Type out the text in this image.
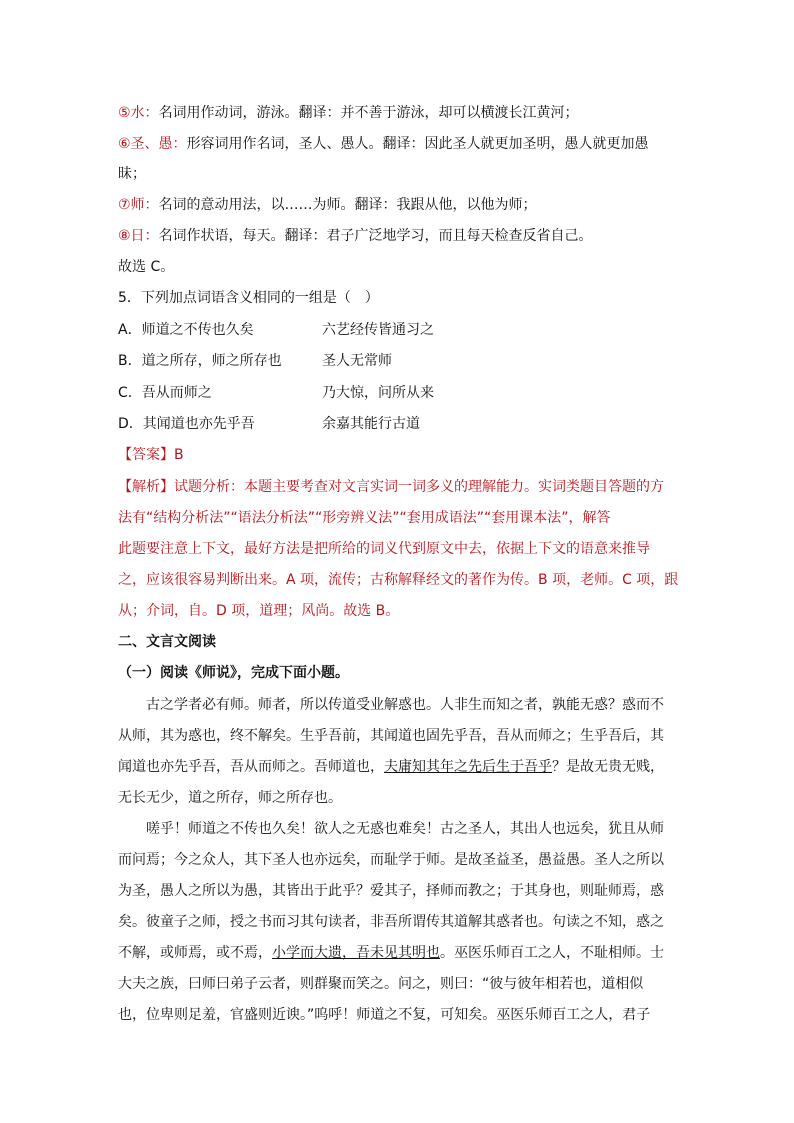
⑤水：名词用作动词，游泳。翻译：并不善于游泳，却可以横渡长江黄河；
⑥圣、愚：形容词用作名词，圣人、愚人。翻译：因此圣人就更加圣明，愚人就更加愚
昧；
⑦师：名词的意动用法，以……为师。翻译：我跟从他，以他为师；
⑧日：名词作状语，每天。翻译：君子广泛地学习，而且每天检查反省自己。
故选 C。
5．下列加点词语含义相同的一组是（　）
A．师道之不传也久矣	六艺经传皆通习之
B．道之所存，师之所存也	圣人无常师
C．吾从而师之	乃大惊，问所从来
D．其闻道也亦先乎吾	余嘉其能行古道
【答案】B
【解析】试题分析：本题主要考查对文言实词一词多义的理解能力。实词类题目答题的方
法有“结构分析法”“语法分析法”“形旁辨义法”“套用成语法”“套用课本法”，解答
此题要注意上下文，最好方法是把所给的词义代到原文中去，依据上下文的语意来推导
之，应该很容易判断出来。A 项，流传；古称解释经文的著作为传。B 项，老师。C 项，跟
从；介词，自。D 项，道理；风尚。故选 B。
二、文言文阅读
（一）阅读《师说》，完成下面小题。
古之学者必有师。师者，所以传道受业解惑也。人非生而知之者，孰能无惑？惑而不
从师，其为惑也，终不解矣。生乎吾前，其闻道也固先乎吾，吾从而师之；生乎吾后，其
闻道也亦先乎吾，吾从而师之。吾师道也，夫庸知其年之先后生于吾乎？是故无贵无贱，
无长无少，道之所存，师之所存也。
嗟乎！师道之不传也久矣！欲人之无惑也难矣！古之圣人，其出人也远矣，犹且从师
而问焉；今之众人，其下圣人也亦远矣，而耻学于师。是故圣益圣，愚益愚。圣人之所以
为圣，愚人之所以为愚，其皆出于此乎？爱其子，择师而教之；于其身也，则耻师焉，惑
矣。彼童子之师，授之书而习其句读者，非吾所谓传其道解其惑者也。句读之不知，惑之
不解，或师焉，或不焉，小学而大遗，吾未见其明也。巫医乐师百工之人，不耻相师。士
大夫之族，曰师曰弟子云者，则群聚而笑之。问之，则曰：“彼与彼年相若也，道相似
也，位卑则足羞，官盛则近谀。”呜呼！师道之不复，可知矣。巫医乐师百工之人，君子
